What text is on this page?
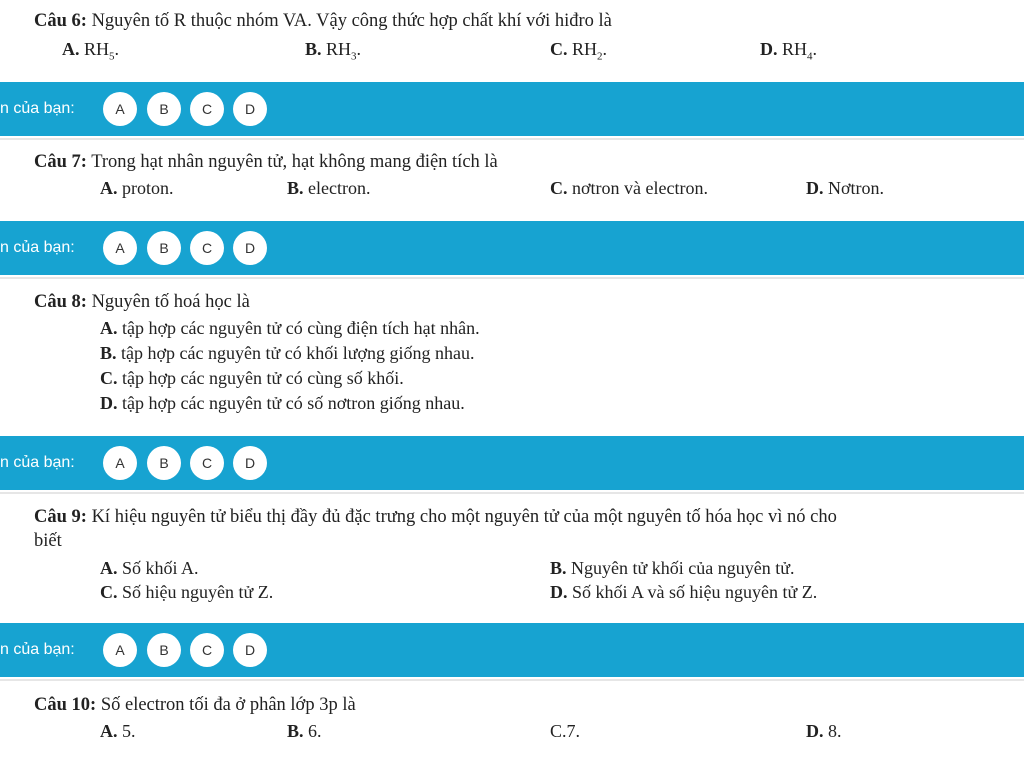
Câu 6: Nguyên tố R thuộc nhóm VA. Vậy công thức hợp chất khí với hiđro là
A. $RH_5$.	B. $RH_3$.	C. $RH_2$.	D. $RH_4$.
n của bạn:	A	B	C	D
Câu 7: Trong hạt nhân nguyên tử, hạt không mang điện tích là
A. proton.	B. electron.	C. nơtron và electron.	D. Nơtron.
n của bạn:	A	B	C	D
Câu 8: Nguyên tố hoá học là
A. tập hợp các nguyên tử có cùng điện tích hạt nhân.
B. tập hợp các nguyên tử có khối lượng giống nhau.
C. tập hợp các nguyên tử có cùng số khối.
D. tập hợp các nguyên tử có số nơtron giống nhau.
n của bạn:	A	B	C	D
Câu 9: Kí hiệu nguyên tử biểu thị đầy đủ đặc trưng cho một nguyên tử của một nguyên tố hóa học vì nó cho
biết
A. Số khối A.	B. Nguyên tử khối của nguyên tử.
C. Số hiệu nguyên tử Z.	D. Số khối A và số hiệu nguyên tử Z.
n của bạn:	A	B	C	D
Câu 10: Số electron tối đa ở phân lớp 3p là
A. 5.	B. 6.	C.7.	D. 8.
